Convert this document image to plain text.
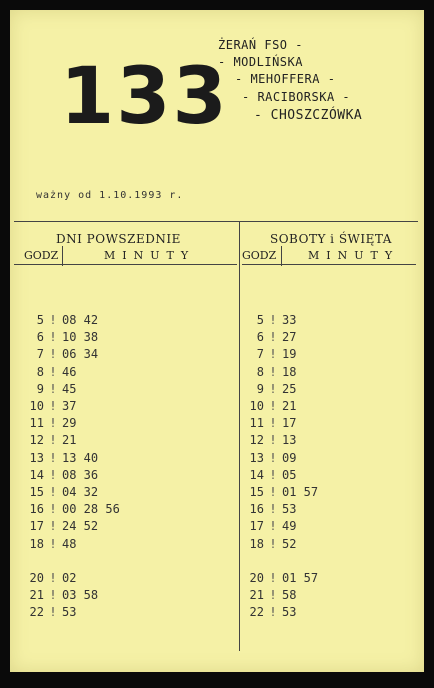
133
ŻERAŃ FSO -
- MODLIŃSKA
- MEHOFFERA -
- RACIBORSKA -
- CHOSZCZÓWKA
ważny od 1.10.1993 r.
DNI POWSZEDNIE
GODZ	MINUTY
SOBOTY i ŚWIĘTA
GODZ	MINUTY
5 ! 08 42
6 ! 10 38
7 ! 06 34
8 ! 46
9 ! 45
10 ! 37
11 ! 29
12 ! 21
13 ! 13 40
14 ! 08 36
15 ! 04 32
16 ! 00 28 56
17 ! 24 52
18 ! 48
20 ! 02
21 ! 03 58
22 ! 53
5 ! 33
6 ! 27
7 ! 19
8 ! 18
9 ! 25
10 ! 21
11 ! 17
12 ! 13
13 ! 09
14 ! 05
15 ! 01 57
16 ! 53
17 ! 49
18 ! 52
20 ! 01 57
21 ! 58
22 ! 53
